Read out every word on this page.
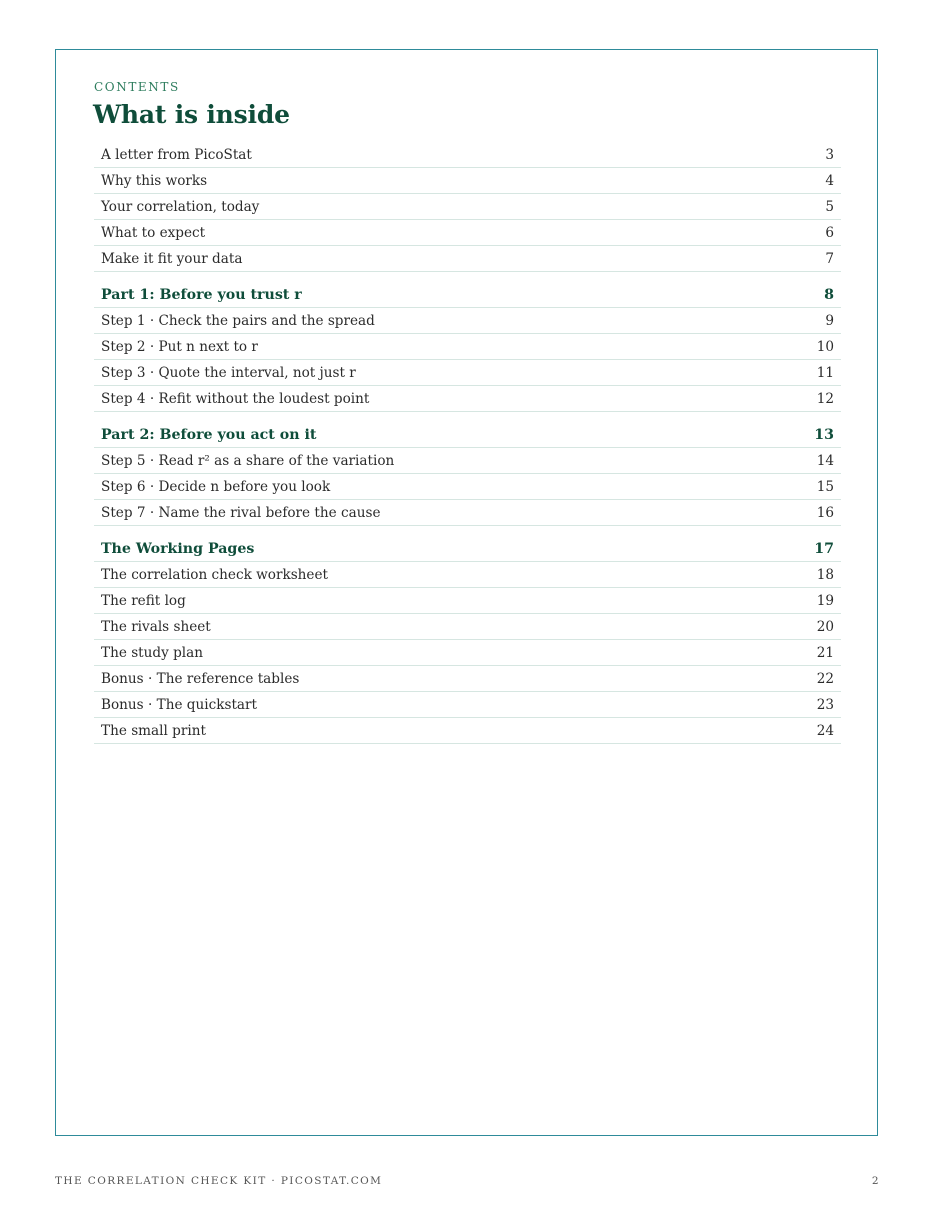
CONTENTS
What is inside
A letter from PicoStat	3
Why this works	4
Your correlation, today	5
What to expect	6
Make it fit your data	7
Part 1: Before you trust r	8
Step 1 · Check the pairs and the spread	9
Step 2 · Put n next to r	10
Step 3 · Quote the interval, not just r	11
Step 4 · Refit without the loudest point	12
Part 2: Before you act on it	13
Step 5 · Read r² as a share of the variation	14
Step 6 · Decide n before you look	15
Step 7 · Name the rival before the cause	16
The Working Pages	17
The correlation check worksheet	18
The refit log	19
The rivals sheet	20
The study plan	21
Bonus · The reference tables	22
Bonus · The quickstart	23
The small print	24
THE CORRELATION CHECK KIT · PICOSTAT.COM	2
